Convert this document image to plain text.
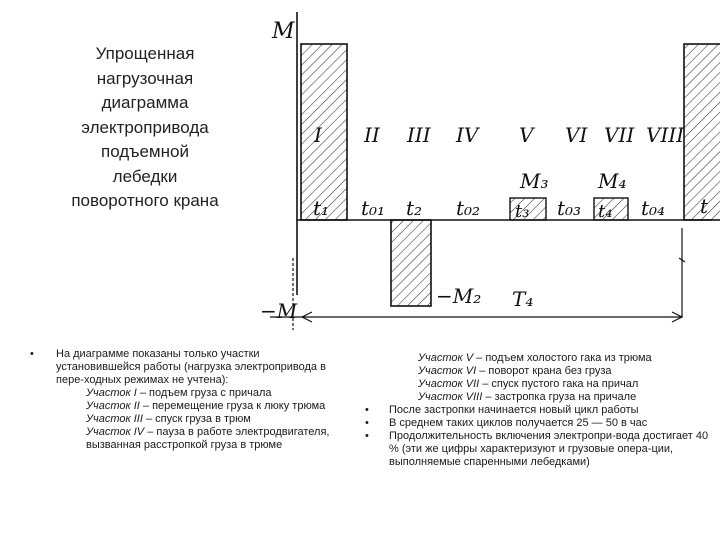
Упрощенная
нагрузочная
диаграмма
электропривода
подъемной
лебедки
поворотного крана
M
−M
t
I II III IV V VI VII VIII
t₁ t₀₁ t₂ t₀₂ t₃ t₀₃ t₄ t₀₄
M₃ M₄
−M₂ T₄
• На диаграмме показаны только участки установившейся работы (нагрузка электропривода в пере-ходных режимах не учтена):
Участок I – подъем груза с причала
Участок II – перемещение груза к люку трюма
Участок III – спуск груза в трюм
Участок IV – пауза в работе электродвигателя, вызванная расстропкой груза в трюме
Участок V – подъем холостого гака из трюма
Участок VI – поворот крана без груза
Участок VII – спуск пустого гака на причал
Участок VIII – застропка груза на причале
• После застропки начинается новый цикл работы
• В среднем таких циклов получается 25 — 50 в час
• Продолжительность включения электропри-вода достигает 40 % (эти же цифры характеризуют и грузовые опера-ции, выполняемые спаренными лебедками)
